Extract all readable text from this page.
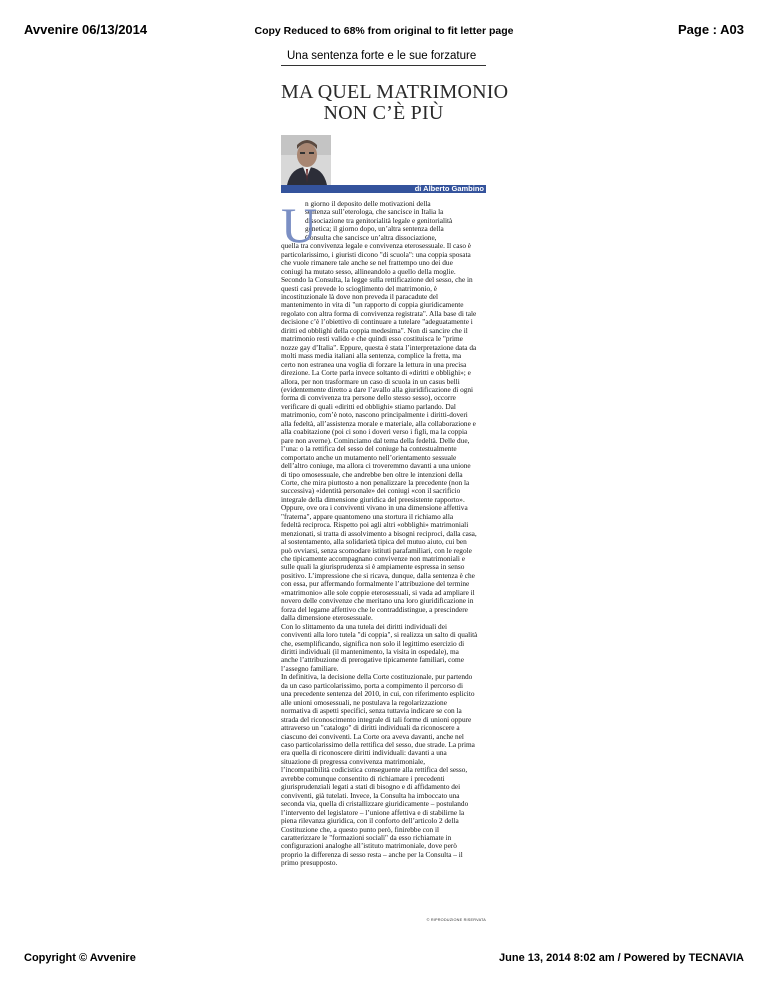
Avvenire 06/13/2014	Copy Reduced to 68% from original to fit letter page	Page : A03
Una sentenza forte e le sue forzature
MA QUEL MATRIMONIO
NON C’È PIÙ
di Alberto Gambino
U
n giorno il deposito delle motivazioni della
sentenza sull’eterologa, che sancisce in Italia la
dissociazione tra genitorialità legale e genitorialità
genetica; il giorno dopo, un’altra sentenza della
Consulta che sancisce un’altra dissociazione,
quella tra convivenza legale e convivenza eterosessuale. Il caso è
particolarissimo, i giuristi dicono "di scuola": una coppia sposata
che vuole rimanere tale anche se nel frattempo uno dei due
coniugi ha mutato sesso, allineandolo a quello della moglie.
Secondo la Consulta, la legge sulla rettificazione del sesso, che in
questi casi prevede lo scioglimento del matrimonio, è
incostituzionale là dove non preveda il paracadute del
mantenimento in vita di "un rapporto di coppia giuridicamente
regolato con altra forma di convivenza registrata". Alla base di tale
decisione c’è l’obiettivo di continuare a tutelare "adeguatamente i
diritti ed obblighi della coppia medesima". Non di sancire che il
matrimonio resti valido e che quindi esso costituisca le "prime
nozze gay d’Italia". Eppure, questa è stata l’interpretazione data da
molti mass media italiani alla sentenza, complice la fretta, ma
certo non estranea una voglia di forzare la lettura in una precisa
direzione. La Corte parla invece soltanto di «diritti e obblighi»; e
allora, per non trasformare un caso di scuola in un casus belli
(evidentemente diretto a dare l’avallo alla giuridificazione di ogni
forma di convivenza tra persone dello stesso sesso), occorre
verificare di quali «diritti ed obblighi» stiamo parlando. Dal
matrimonio, com’è noto, nascono principalmente i diritti-doveri
alla fedeltà, all’assistenza morale e materiale, alla collaborazione e
alla coabitazione (poi ci sono i doveri verso i figli, ma la coppia
pare non averne). Cominciamo dal tema della fedeltà. Delle due,
l’una: o la rettifica del sesso del coniuge ha contestualmente
comportato anche un mutamento nell’orientamento sessuale
dell’altro coniuge, ma allora ci troveremmo davanti a una unione
di tipo omosessuale, che andrebbe ben oltre le intenzioni della
Corte, che mira piuttosto a non penalizzare la precedente (non la
successiva) «identità personale» dei coniugi «con il sacrificio
integrale della dimensione giuridica del preesistente rapporto».
Oppure, ove ora i conviventi vivano in una dimensione affettiva
"fraterna", appare quantomeno una stortura il richiamo alla
fedeltà reciproca. Rispetto poi agli altri «obblighi» matrimoniali
menzionati, si tratta di assolvimento a bisogni reciproci, dalla casa,
al sostentamento, alla solidarietà tipica del mutuo aiuto, cui ben
può ovviarsi, senza scomodare istituti parafamiliari, con le regole
che tipicamente accompagnano convivenze non matrimoniali e
sulle quali la giurisprudenza si è ampiamente espressa in senso
positivo. L’impressione che si ricava, dunque, dalla sentenza è che
con essa, pur affermando formalmente l’attribuzione del termine
«matrimonio» alle sole coppie eterosessuali, si vada ad ampliare il
novero delle convivenze che meritano una loro giuridificazione in
forza del legame affettivo che le contraddistingue, a prescindere
dalla dimensione eterosessuale.
Con lo slittamento da una tutela dei diritti individuali dei
conviventi alla loro tutela "di coppia", si realizza un salto di qualità
che, esemplificando, significa non solo il legittimo esercizio di
diritti individuali (il mantenimento, la visita in ospedale), ma
anche l’attribuzione di prerogative tipicamente familiari, come
l’assegno familiare.
In definitiva, la decisione della Corte costituzionale, pur partendo
da un caso particolarissimo, porta a compimento il percorso di
una precedente sentenza del 2010, in cui, con riferimento esplicito
alle unioni omosessuali, ne postulava la regolarizzazione
normativa di aspetti specifici, senza tuttavia indicare se con la
strada del riconoscimento integrale di tali forme di unioni oppure
attraverso un "catalogo" di diritti individuali da riconoscere a
ciascuno dei conviventi. La Corte ora aveva davanti, anche nel
caso particolarissimo della rettifica del sesso, due strade. La prima
era quella di riconoscere diritti individuali: davanti a una
situazione di pregressa convivenza matrimoniale,
l’incompatibilità codicistica conseguente alla rettifica del sesso,
avrebbe comunque consentito di richiamare i precedenti
giurisprudenziali legati a stati di bisogno e di affidamento dei
conviventi, già tutelati. Invece, la Consulta ha imboccato una
seconda via, quella di cristallizzare giuridicamente – postulando
l’intervento del legislatore – l’unione affettiva e di stabilirne la
piena rilevanza giuridica, con il conforto dell’articolo 2 della
Costituzione che, a questo punto però, finirebbe con il
caratterizzare le "formazioni sociali" da esso richiamate in
configurazioni analoghe all’istituto matrimoniale, dove però
proprio la differenza di sesso resta – anche per la Consulta – il
primo presupposto.
© RIPRODUZIONE RISERVATA
Copyright © Avvenire	June 13, 2014 8:02 am / Powered by TECNAVIA
